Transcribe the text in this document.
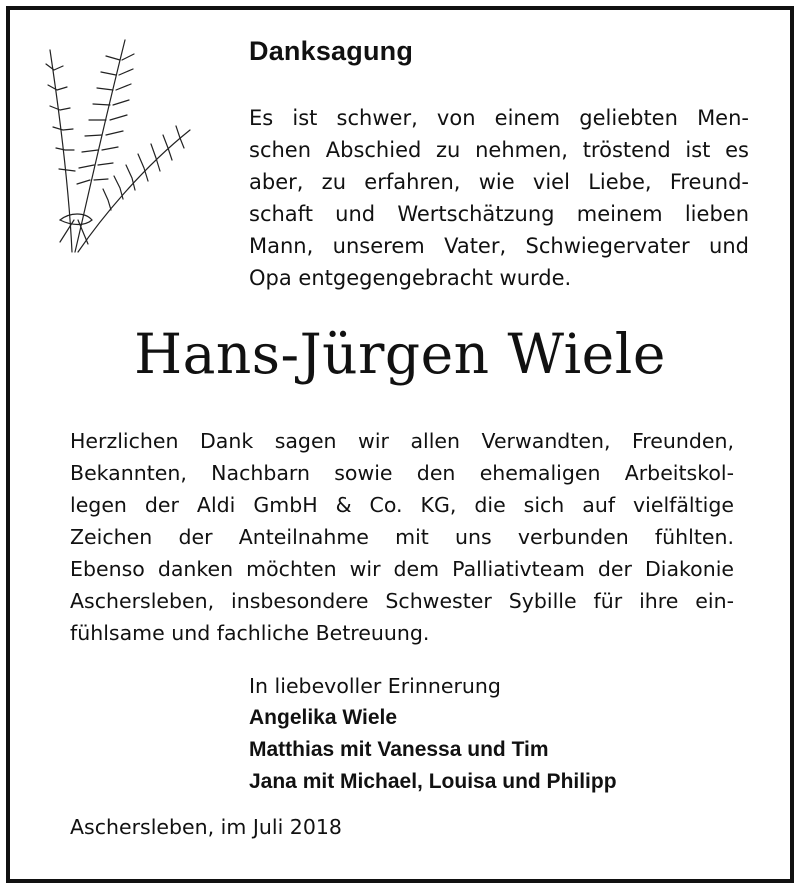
Danksagung
Es ist schwer, von einem geliebten Men-
schen Abschied zu nehmen, tröstend ist es
aber, zu erfahren, wie viel Liebe, Freund-
schaft und Wertschätzung meinem lieben
Mann, unserem Vater, Schwiegervater und
Opa entgegengebracht wurde.
Hans-Jürgen Wiele
Herzlichen Dank sagen wir allen Verwandten, Freunden,
Bekannten, Nachbarn sowie den ehemaligen Arbeitskol-
legen der Aldi GmbH & Co. KG, die sich auf vielfältige
Zeichen der Anteilnahme mit uns verbunden fühlten.
Ebenso danken möchten wir dem Palliativteam der Diakonie
Aschersleben, insbesondere Schwester Sybille für ihre ein-
fühlsame und fachliche Betreuung.
In liebevoller Erinnerung
Angelika Wiele
Matthias mit Vanessa und Tim
Jana mit Michael, Louisa und Philipp
Aschersleben, im Juli 2018
